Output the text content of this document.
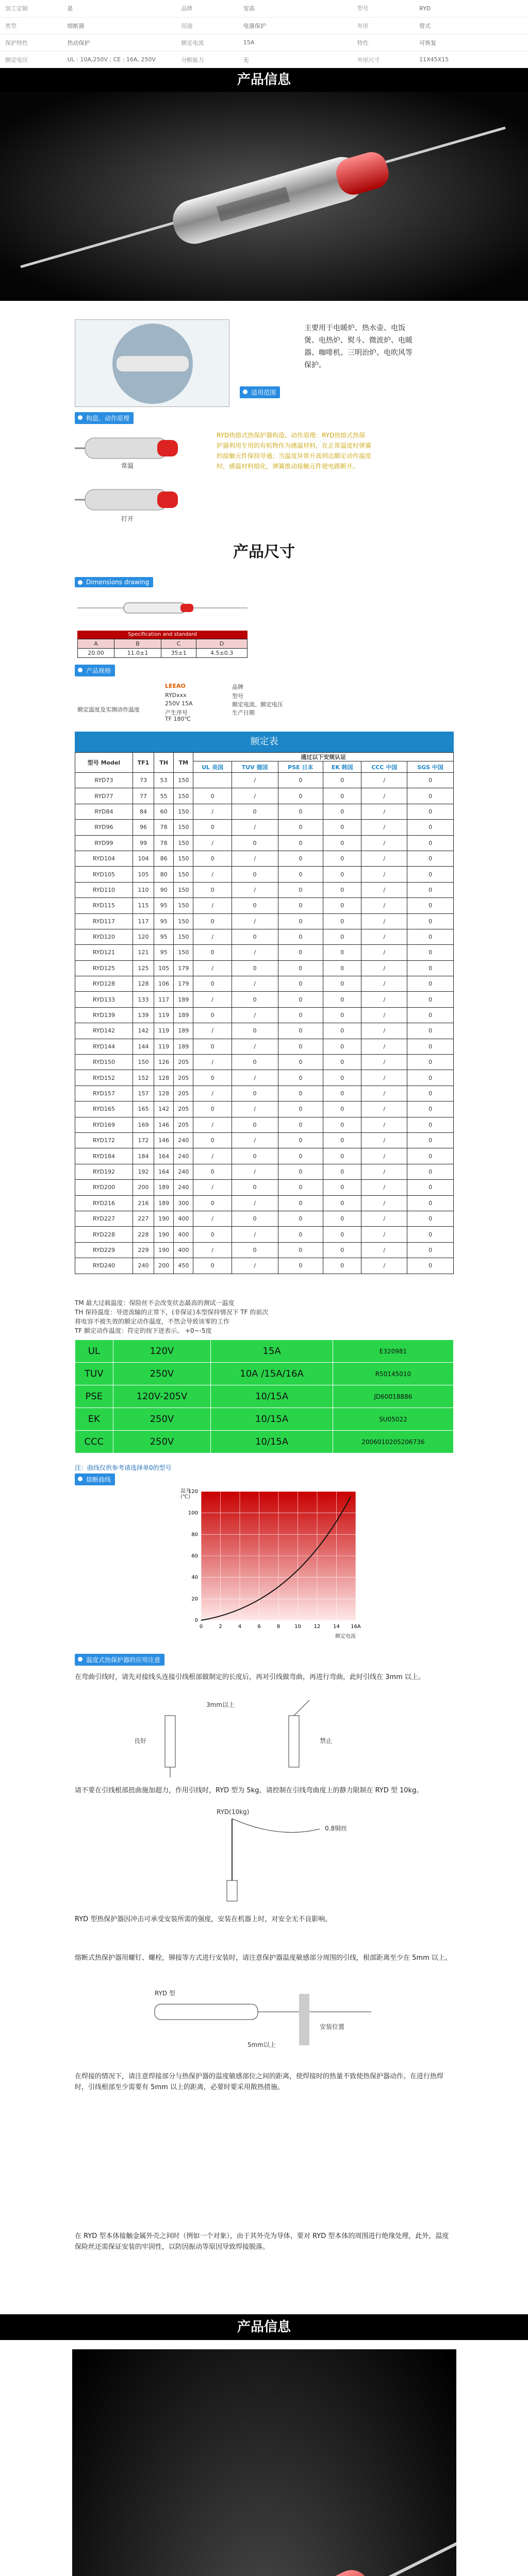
加工定制	是	品牌	安高	型号	RYD
类型	熔断器	用途	电器保护	外形	管式
保护特性	热动保护	额定电流	15A	特性	可恢复
额定电压	UL : 10A,250V ; CE : 16A, 250V	分断能力	无	外形尺寸	11X45X15
产品信息
适用范围
主要用于电暖炉、热水壶、电饭煲、电热炉、熨斗、微波炉、电暖器、咖啡机、三明治炉、电吹风等保护。
构造、动作原理
常温
打开
RYD热熔式热保护器构造、动作原理：RYD热熔式热保护器利用专用的有机物作为感温材料，在正常温度时弹簧的接触元件保持导通；当温度异常升高到达额定动作温度时，感温材料熔化，弹簧推动接触元件使电路断开。
产品尺寸
Dimensions drawing
Specification and standard
A	B	C	D
20.00	11.0±1	35±1	4.5±0.3
产品规格
LEEAO
RYDxxx
250V 15A
产生序号
TF 180℃
品牌
型号
额定电流、额定电压
生产日期
额定温度及实测动作温度
额定表
型号 Model	TF1	TH	TM	通过以下安规认证					
				UL 美国	TUV 德国	PSE 日本	EK 韩国	CCC 中国	SGS 中国
RYD73	73	53	150		/	0	0	/	0
RYD77	77	55	150	0	/	0	0	/	0
RYD84	84	60	150	/	0	0	0	/	0
RYD96	96	78	150	0	/	0	0	/	0
RYD99	99	78	150	/	0	0	0	/	0
RYD104	104	86	150	0	/	0	0	/	0
RYD105	105	80	150	/	0	0	0	/	0
RYD110	110	90	150	0	/	0	0	/	0
RYD115	115	95	150	/	0	0	0	/	0
RYD117	117	95	150	0	/	0	0	/	0
RYD120	120	95	150	/	0	0	0	/	0
RYD121	121	95	150	0	/	0	0	/	0
RYD125	125	105	179	/	0	0	0	/	0
RYD128	128	106	179	0	/	0	0	/	0
RYD133	133	117	189	/	0	0	0	/	0
RYD139	139	119	189	0	/	0	0	/	0
RYD142	142	119	189	/	0	0	0	/	0
RYD144	144	119	189	0	/	0	0	/	0
RYD150	150	126	205	/	0	0	0	/	0
RYD152	152	128	205	0	/	0	0	/	0
RYD157	157	128	205	/	0	0	0	/	0
RYD165	165	142	205	0	/	0	0	/	0
RYD169	169	146	205	/	0	0	0	/	0
RYD172	172	146	240	0	/	0	0	/	0
RYD184	184	164	240	/	0	0	0	/	0
RYD192	192	164	240	0	/	0	0	/	0
RYD200	200	189	240	/	0	0	0	/	0
RYD216	216	189	300	0	/	0	0	/	0
RYD227	227	190	400	/	0	0	0	/	0
RYD228	228	190	400	0	/	0	0	/	0
RYD229	229	190	400	/	0	0	0	/	0
RYD240	240	200	450	0	/	0	0	/	0
TM 最大过载温度：保险丝不会改变状态最高的测试一温度
TH 保持温度：导进流输的正常下，(非保证)本型保持情况下 TF 的前次
将电容不被失效的额定动作温度，不然会导致该零的工作
TF 额定动作温度：符定的按下进表示。 +0~-5度
UL	120V	15A	E320981
TUV	250V	10A /15A/16A	R50145010
PSE	120V-205V	10/15A	JD60018886
EK	250V	10/15A	SU05022
CCC	250V	10/15A	2006010205206736
注：曲线仅供参考请选择单0的型号
熔断曲线
0	2	4	6	8	10 12 14 16A
120
100
80
60
40
20
0
温升(℃)
额定电流
温度式热保护器的应用注意

在弯曲引线时，请先对接线头连接引线根部做制定的长度后，再对引线做弯曲，再进行弯曲，此时引线在 3mm 以上。

良好	禁止
3mm以上

请不要在引线根部扭曲施加超力，作用引线时，RYD 型为 5kg，请控制在引线弯曲度上的静力限制在 RYD 型 10kg。

RYD(10kg)
0.8铜丝

RYD 型热保护器因冲击可承受安装所需的强度，安装在机器上时，对安全无不良影响。

熔断式热保护器用螺钉、螺栓，铆接等方式进行安装时，请注意保护器温度敏感部分周围的引线，根部距离至少在 5mm 以上。

RYD 型
5mm以上
安装位置

在焊接的情况下，请注意焊接部分与热保护器的温度敏感部位之间的距离，使焊接时的热量不致使热保护器动作。在进行热焊时，引线根部至少需要有 5mm 以上的距离，必要时要采用散热措施。

在 RYD 型本体接触金属外壳之间时（例如一个对象），由于其外壳为导体，要对 RYD 型本体的周围进行绝缘处理，此外，温度保险丝还需保证安装的牢固性，以防因振动等原因导致焊接脱落。

产品信息
